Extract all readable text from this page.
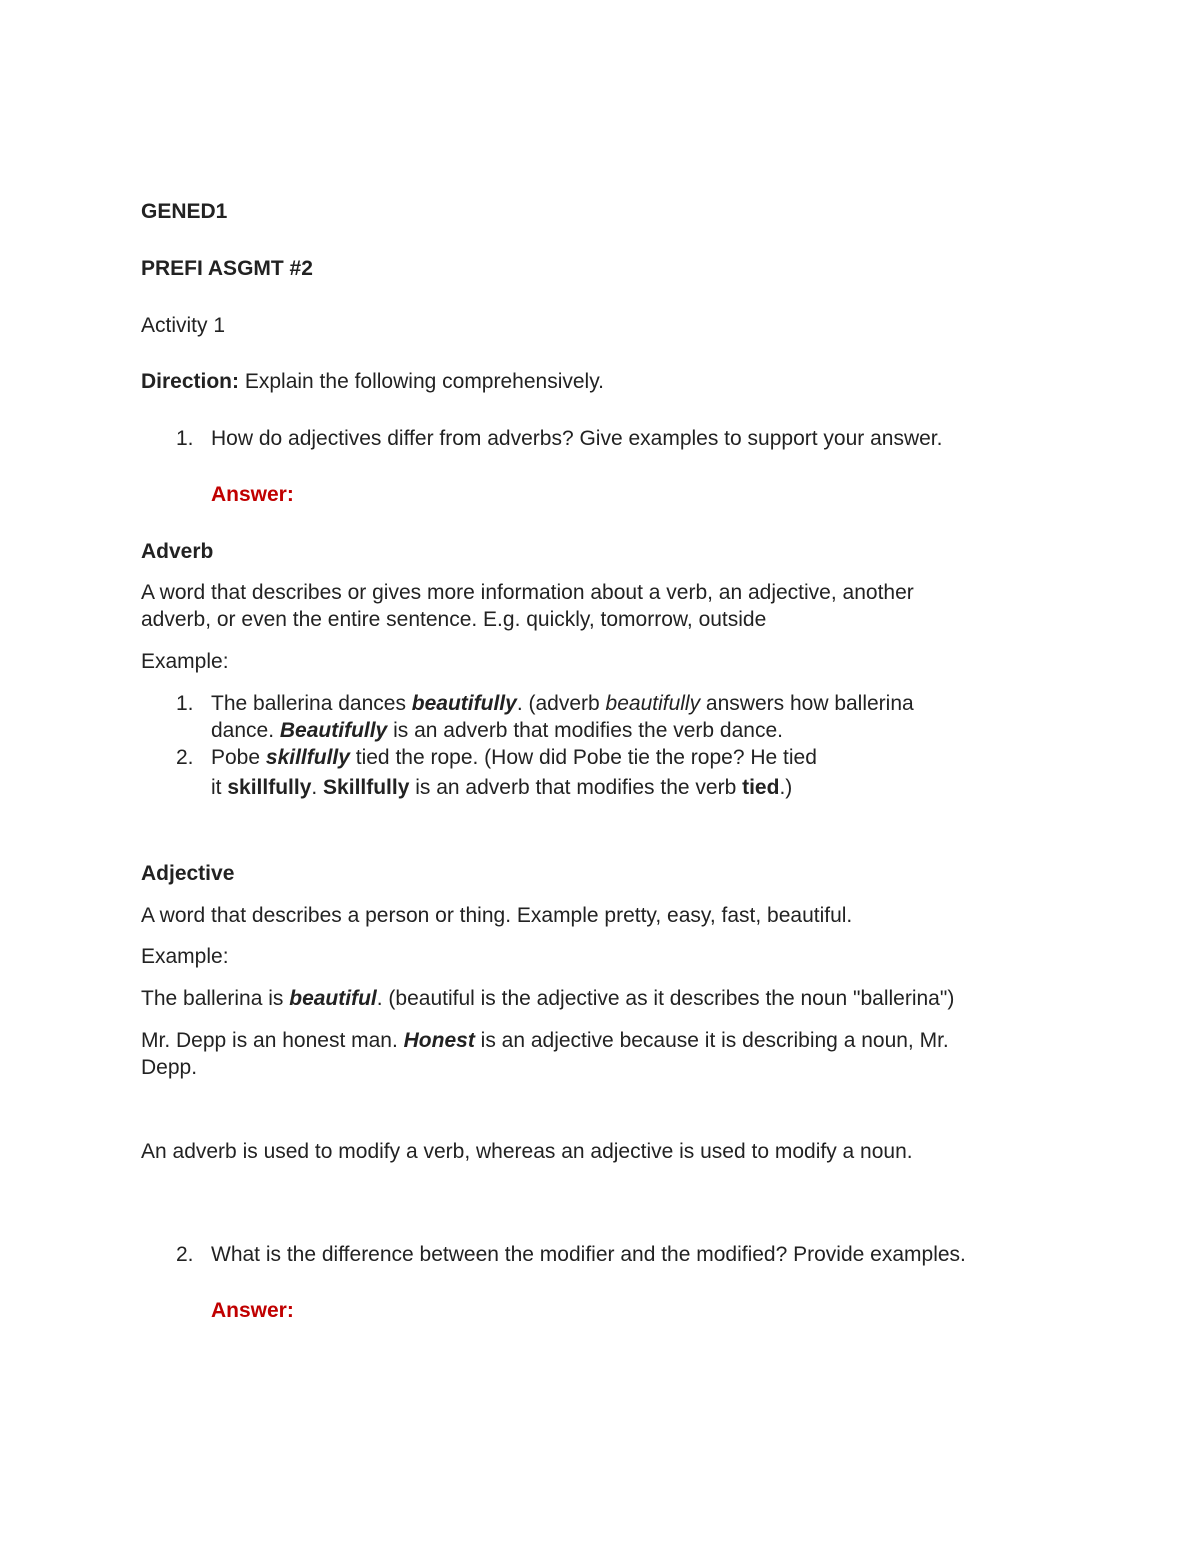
GENED1

PREFI ASGMT #2

Activity 1

Direction: Explain the following comprehensively.

1. How do adjectives differ from adverbs? Give examples to support your answer.
Answer:

Adverb

A word that describes or gives more information about a verb, an adjective, another

adverb, or even the entire sentence. E.g. quickly, tomorrow, outside

Example:

1. The ballerina dances beautifully. (adverb beautifully answers how ballerina
dance. Beautifully is an adverb that modifies the verb dance.
2. Pobe skillfully tied the rope. (How did Pobe tie the rope? He tied
it skillfully. Skillfully is an adverb that modifies the verb tied.)

Adjective

A word that describes a person or thing. Example pretty, easy, fast, beautiful.

Example:

The ballerina is beautiful. (beautiful is the adjective as it describes the noun "ballerina")

Mr. Depp is an honest man. Honest is an adjective because it is describing a noun, Mr.

Depp.

An adverb is used to modify a verb, whereas an adjective is used to modify a noun.

2. What is the difference between the modifier and the modified? Provide examples.
Answer:
